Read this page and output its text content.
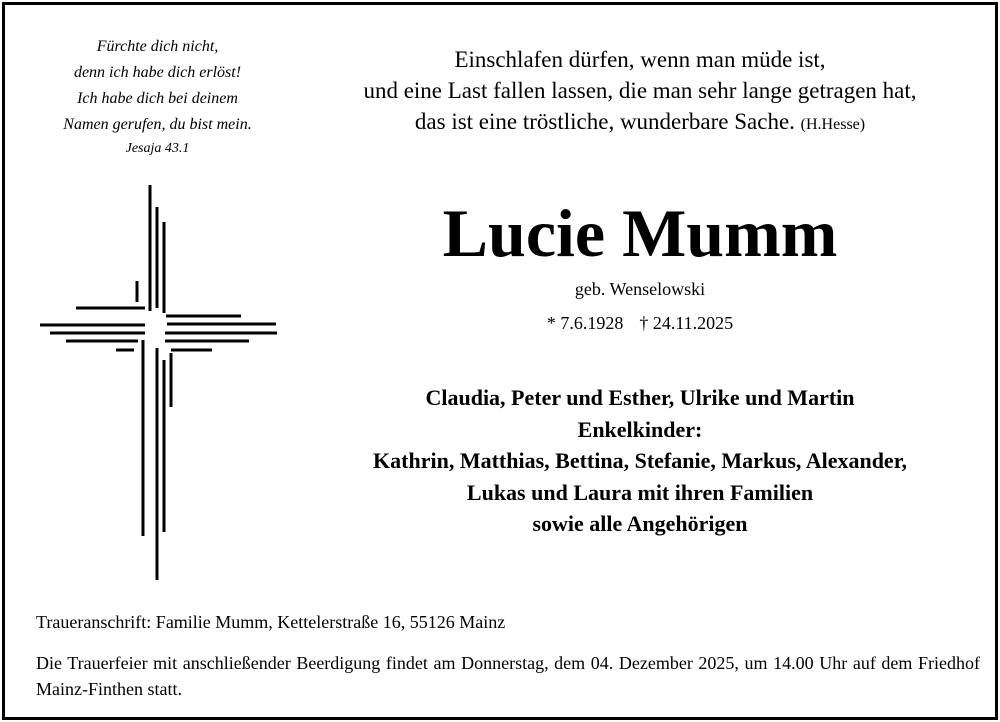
Fürchte dich nicht,
denn ich habe dich erlöst!
Ich habe dich bei deinem
Namen gerufen, du bist mein.
Jesaja 43.1
Einschlafen dürfen, wenn man müde ist,
und eine Last fallen lassen, die man sehr lange getragen hat,
das ist eine tröstliche, wunderbare Sache. (H.Hesse)
Lucie Mumm
geb. Wenselowski
* 7.6.1928 † 24.11.2025
Claudia, Peter und Esther, Ulrike und Martin
Enkelkinder:
Kathrin, Matthias, Bettina, Stefanie, Markus, Alexander,
Lukas und Laura mit ihren Familien
sowie alle Angehörigen
Traueranschrift: Familie Mumm, Kettelerstraße 16, 55126 Mainz
Die Trauerfeier mit anschließender Beerdigung findet am Donnerstag, dem 04. Dezember 2025, um 14.00 Uhr auf dem Friedhof Mainz-Finthen statt.
